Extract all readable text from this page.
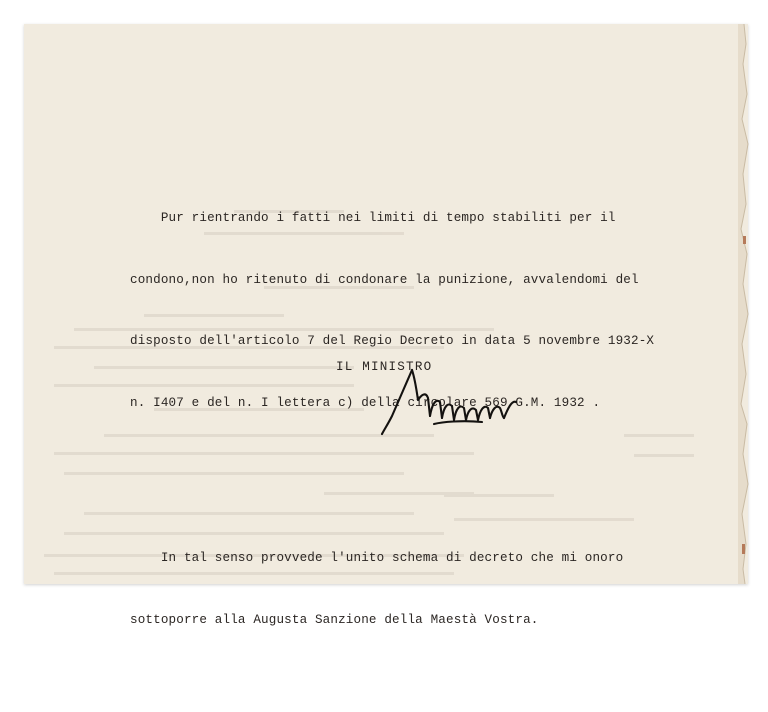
Pur rientrando i fatti nei limiti di tempo stabiliti per il

condono,non ho ritenuto di condonare la punizione, avvalendomi del

disposto dell'articolo 7 del Regio Decreto in data 5 novembre 1932-X

n. I407 e del n. I lettera c) della circolare 569 G.M. 1932 .

In tal senso provvede l'unito schema di decreto che mi onoro

sottoporre alla Augusta Sanzione della Maestà Vostra.

IL MINISTRO
